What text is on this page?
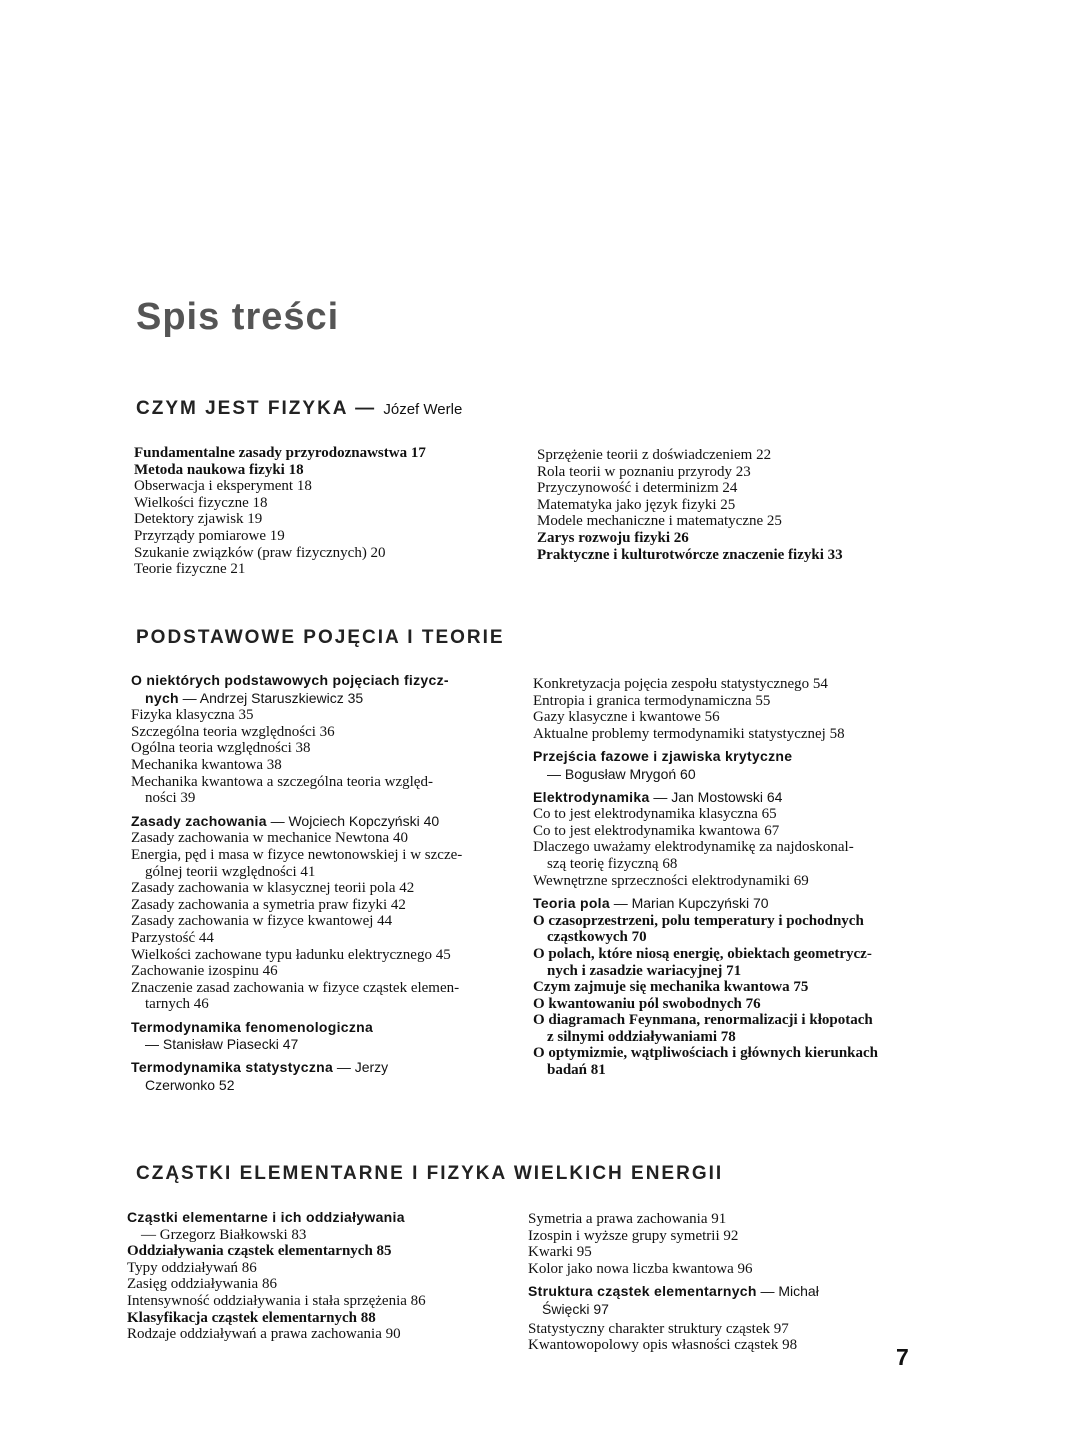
Spis treści
CZYM JEST FIZYKA — Józef Werle

Fundamentalne zasady przyrodoznawstwa 17

Metoda naukowa fizyki 18

Obserwacja i eksperyment 18

Wielkości fizyczne 18

Detektory zjawisk 19

Przyrządy pomiarowe 19

Szukanie związków (praw fizycznych) 20

Teorie fizyczne 21

Sprzężenie teorii z doświadczeniem 22

Rola teorii w poznaniu przyrody 23

Przyczynowość i determinizm 24

Matematyka jako język fizyki 25

Modele mechaniczne i matematyczne 25

Zarys rozwoju fizyki 26

Praktyczne i kulturotwórcze znaczenie fizyki 33

PODSTAWOWE POJĘCIA I TEORIE

O niektórych podstawowych pojęciach fizycz-

nych — Andrzej Staruszkiewicz 35

Fizyka klasyczna 35

Szczególna teoria względności 36

Ogólna teoria względności 38

Mechanika kwantowa 38

Mechanika kwantowa a szczególna teoria względ-
ności 39

Zasady zachowania — Wojciech Kopczyński 40

Zasady zachowania w mechanice Newtona 40

Energia, pęd i masa w fizyce newtonowskiej i w szcze-
gólnej teorii względności 41

Zasady zachowania w klasycznej teorii pola 42

Zasady zachowania a symetria praw fizyki 42

Zasady zachowania w fizyce kwantowej 44

Parzystość 44

Wielkości zachowane typu ładunku elektrycznego 45

Zachowanie izospinu 46

Znaczenie zasad zachowania w fizyce cząstek elemen-
tarnych 46

Termodynamika fenomenologiczna
— Stanisław Piasecki 47

Termodynamika statystyczna — Jerzy
Czerwonko 52

Konkretyzacja pojęcia zespołu statystycznego 54

Entropia i granica termodynamiczna 55

Gazy klasyczne i kwantowe 56

Aktualne problemy termodynamiki statystycznej 58

Przejścia fazowe i zjawiska krytyczne
— Bogusław Mrygoń 60

Elektrodynamika — Jan Mostowski 64

Co to jest elektrodynamika klasyczna 65

Co to jest elektrodynamika kwantowa 67

Dlaczego uważamy elektrodynamikę za najdoskonal-
szą teorię fizyczną 68

Wewnętrzne sprzeczności elektrodynamiki 69

Teoria pola — Marian Kupczyński 70

O czasoprzestrzeni, polu temperatury i pochodnych
cząstkowych 70

O polach, które niosą energię, obiektach geometrycz-
nych i zasadzie wariacyjnej 71

Czym zajmuje się mechanika kwantowa 75

O kwantowaniu pól swobodnych 76

O diagramach Feynmana, renormalizacji i kłopotach
z silnymi oddziaływaniami 78

O optymizmie, wątpliwościach i głównych kierunkach
badań 81

CZĄSTKI ELEMENTARNE I FIZYKA WIELKICH ENERGII

Cząstki elementarne i ich oddziaływania
— Grzegorz Białkowski 83

Oddziaływania cząstek elementarnych 85

Typy oddziaływań 86

Zasięg oddziaływania 86

Intensywność oddziaływania i stała sprzężenia 86

Klasyfikacja cząstek elementarnych 88

Rodzaje oddziaływań a prawa zachowania 90

Symetria a prawa zachowania 91

Izospin i wyższe grupy symetrii 92

Kwarki 95

Kolor jako nowa liczba kwantowa 96

Struktura cząstek elementarnych — Michał
Święcki 97

Statystyczny charakter struktury cząstek 97

Kwantowopolowy opis własności cząstek 98	7
